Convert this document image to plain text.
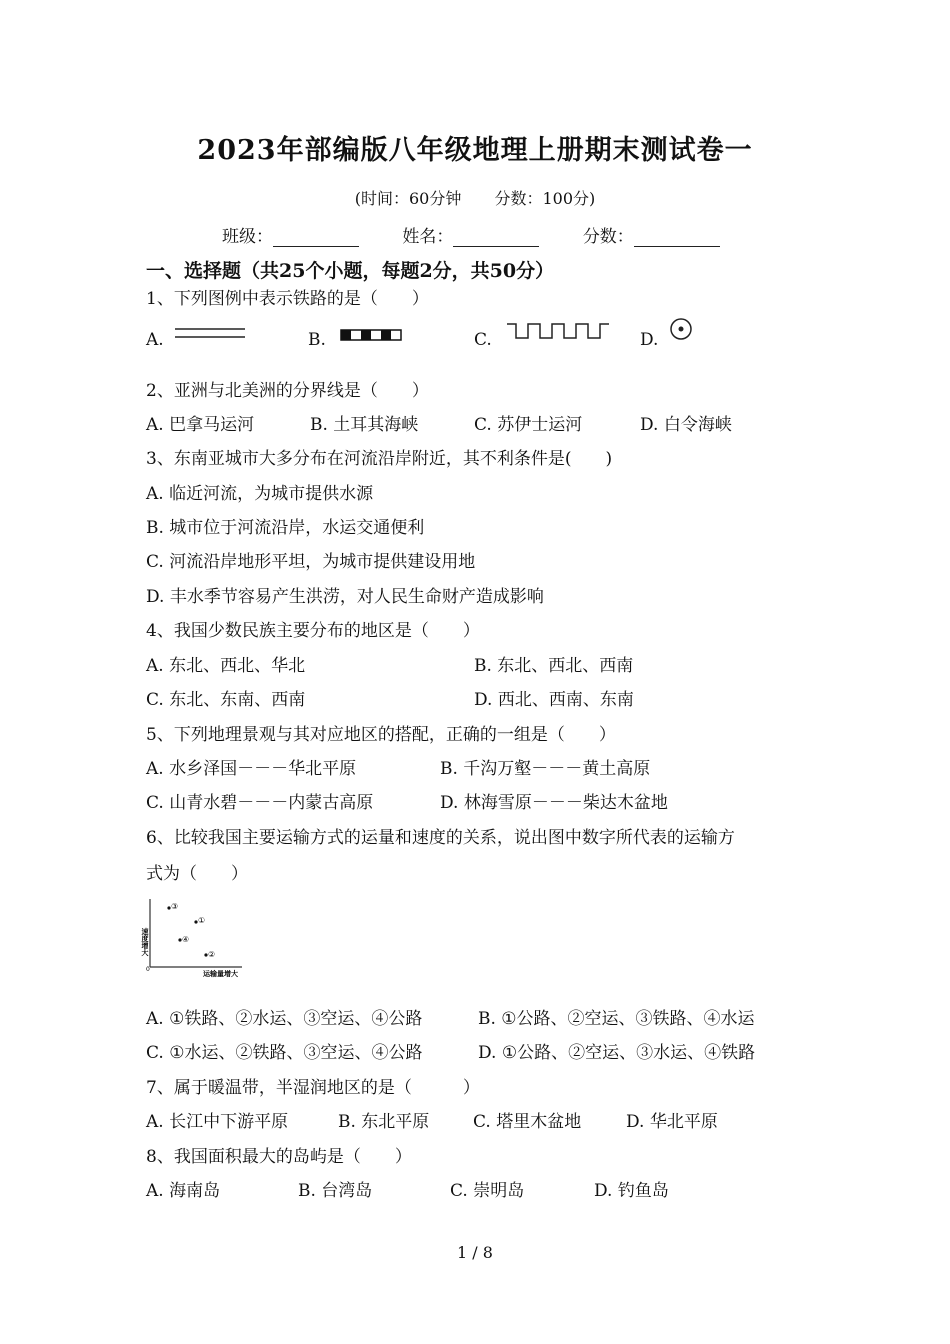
2023年部编版八年级地理上册期末测试卷一
(时间：60分钟 分数：100分)
班级：	姓名：	分数：
一、选择题（共25个小题，每题2分，共50分）
1、下列图例中表示铁路的是（　　）
A.	B.	C.	D.
2、亚洲与北美洲的分界线是（　　）
A. 巴拿马运河	B. 土耳其海峡	C. 苏伊士运河	D. 白令海峡
3、东南亚城市大多分布在河流沿岸附近，其不利条件是(　　)
A. 临近河流，为城市提供水源
B. 城市位于河流沿岸，水运交通便利
C. 河流沿岸地形平坦，为城市提供建设用地
D. 丰水季节容易产生洪涝，对人民生命财产造成影响
4、我国少数民族主要分布的地区是（　　）
A. 东北、西北、华北	B. 东北、西北、西南
C. 东北、东南、西南	D. 西北、西南、东南
5、下列地理景观与其对应地区的搭配，正确的一组是（　　）
A. 水乡泽国－－－华北平原	B. 千沟万壑－－－黄土高原
C. 山青水碧－－－内蒙古高原	D. 林海雪原－－－柴达木盆地
6、比较我国主要运输方式的运量和速度的关系，说出图中数字所代表的运输方
式为（　　）
速度增大
运输量增大
0
③
①
④
②
A. ①铁路、②水运、③空运、④公路	B. ①公路、②空运、③铁路、④水运
C. ①水运、②铁路、③空运、④公路	D. ①公路、②空运、③水运、④铁路
7、属于暖温带，半湿润地区的是（　　　）
A. 长江中下游平原	B. 东北平原	C. 塔里木盆地	D. 华北平原
8、我国面积最大的岛屿是（　　）
A. 海南岛	B. 台湾岛	C. 崇明岛	D. 钓鱼岛
1 / 8
